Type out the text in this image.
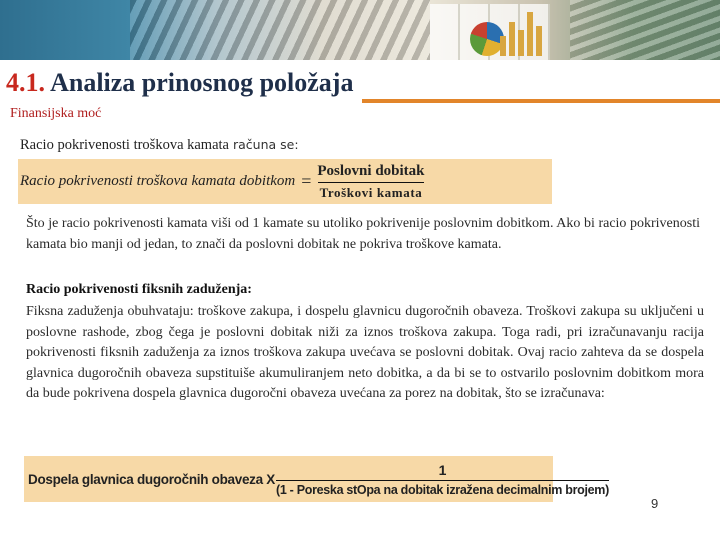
4.1. Analiza prinosnog položaja
Finansijska moć
Racio pokrivenosti troškova kamata računa se:
Racio pokrivenosti troškova kamata dobitkom = $\frac{\text{Poslovni dobitak}}{\text{Troškovi kamata}}$

Što je racio pokrivenosti kamata viši od 1 kamate su utoliko pokrivenije poslovnim dobitkom. Ako bi racio pokrivenosti kamata bio manji od jedan, to znači da poslovni dobitak ne pokriva troškove kamata.

Racio pokrivenosti fiksnih zaduženja:

Fiksna zaduženja obuhvataju: troškove zakupa, i dospelu glavnicu dugoročnih obaveza. Troškovi zakupa su uključeni u poslovne rashode, zbog čega je poslovni dobitak niži za iznos troškova zakupa. Toga radi, pri izračunavanju racija pokrivenosti fiksnih zaduženja za iznos troškova zakupa uvećava se poslovni dobitak. Ovaj racio zahteva da se dospela glavnica dugoročnih obaveza supstituiše akumuliranjem neto dobitka, a da bi se to ostvarilo poslovnim dobitkom mora da bude pokrivena dospela glavnica dugoročni obaveza uvećana za porez na dobitak, što se izračunava:

Dospela glavnica dugoročnih obaveza X $\frac{1}{\text{(1 - Poreska stOpa na dobitak izražena decimalnim brojem)}}$
9
